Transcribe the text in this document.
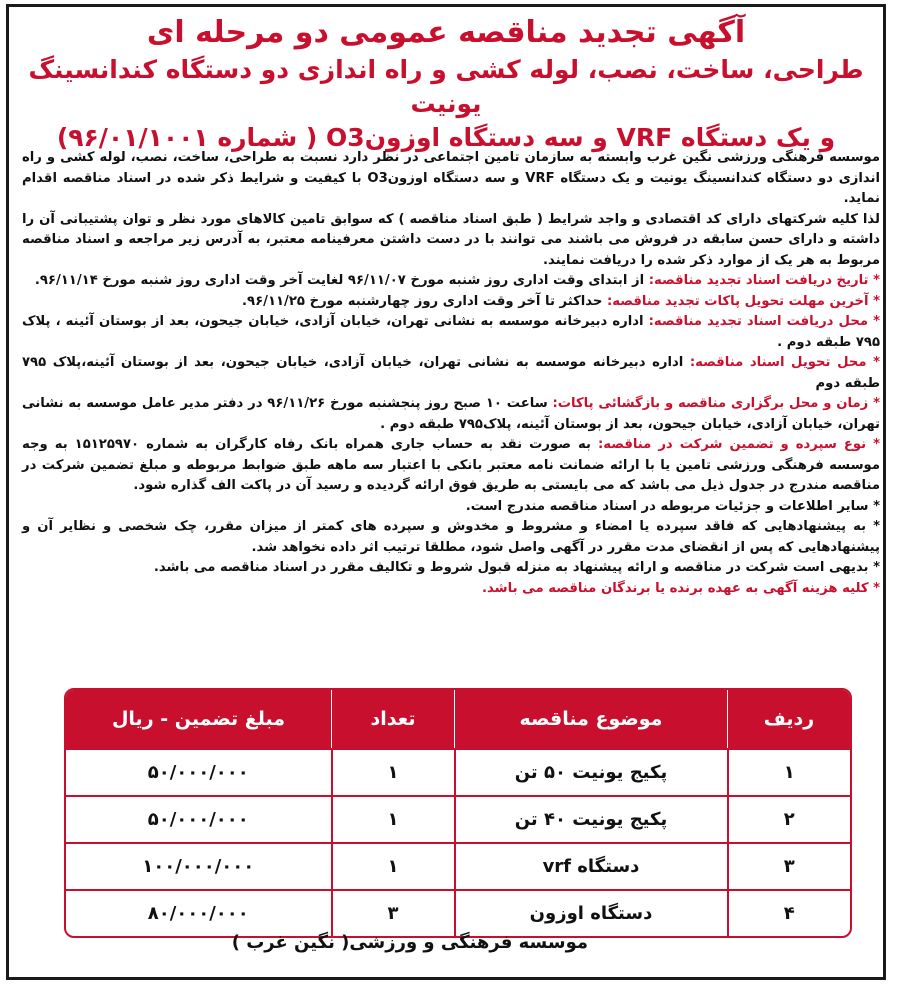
آگهی تجدید مناقصه عمومی دو مرحله ای
طراحی، ساخت، نصب، لوله کشی و راه اندازی دو دستگاه کندانسینگ یونیت
و یک دستگاه VRF و سه دستگاه اوزونO3 ( شماره ۹۶/۰۱/۱۰۰۱)

موسسه فرهنگی ورزشی نگین غرب وابسته به سازمان تامین اجتماعی در نظر دارد نسبت به طراحی، ساخت، نصب، لوله کشی و راه اندازی دو دستگاه کندانسینگ یونیت و یک دستگاه VRF و سه دستگاه اوزونO3 با کیفیت و شرایط ذکر شده در اسناد مناقصه اقدام نماید.

لذا کلیه شرکتهای دارای کد اقتصادی و واجد شرایط ( طبق اسناد مناقصه ) که سوابق تامین کالاهای مورد نظر و توان پشتیبانی آن را داشته و دارای حسن سابقه در فروش می باشند می توانند با در دست داشتن معرفینامه معتبر، به آدرس زیر مراجعه و اسناد مناقصه مربوط به هر یک از موارد ذکر شده را دریافت نمایند.

* تاریخ دریافت اسناد تجدید مناقصه: از ابتدای وقت اداری روز شنبه مورخ ۹۶/۱۱/۰۷ لغایت آخر وقت اداری روز شنبه مورخ ۹۶/۱۱/۱۴.

* آخرین مهلت تحویل پاکات تجدید مناقصه: حداکثر تا آخر وقت اداری روز چهارشنبه مورخ ۹۶/۱۱/۲۵.

* محل دریافت اسناد تجدید مناقصه: اداره دبیرخانه موسسه به نشانی تهران، خیابان آزادی، خیابان جیحون، بعد از بوستان آئینه ، پلاک ۷۹۵ طبقه دوم .

* محل تحویل اسناد مناقصه: اداره دبیرخانه موسسه به نشانی تهران، خیابان آزادی، خیابان جیحون، بعد از بوستان آئینه،پلاک ۷۹۵ طبقه دوم

* زمان و محل برگزاری مناقصه و بازگشائی پاکات: ساعت ۱۰ صبح روز پنجشنبه مورخ ۹۶/۱۱/۲۶ در دفتر مدیر عامل موسسه به نشانی تهران، خیابان آزادی، خیابان جیحون، بعد از بوستان آئینه، پلاک۷۹۵ طبقه دوم .

* نوع سپرده و تضمین شرکت در مناقصه: به صورت نقد به حساب جاری همراه بانک رفاه کارگران به شماره ۱۵۱۲۵۹۷۰ به وجه موسسه فرهنگی ورزشی تامین یا با ارائه ضمانت نامه معتبر بانکی با اعتبار سه ماهه طبق ضوابط مربوطه و مبلغ تضمین شرکت در مناقصه مندرج در جدول ذیل می باشد که می بایستی به طریق فوق ارائه گردیده و رسید آن در پاکت الف گذاره شود.

* سایر اطلاعات و جزئیات مربوطه در اسناد مناقصه مندرج است.

* به پیشنهادهایی که فاقد سپرده یا امضاء و مشروط و مخدوش و سپرده های کمتر از میزان مقرر، چک شخصی و نظایر آن و پیشنهادهایی که پس از انقضای مدت مقرر در آگهی واصل شود، مطلقا ترتیب اثر داده نخواهد شد.

* بدیهی است شرکت در مناقصه و ارائه پیشنهاد به منزله قبول شروط و تکالیف مقرر در اسناد مناقصه می باشد.

* کلیه هزینه آگهی به عهده برنده یا برندگان مناقصه می باشد.

ردیف	موضوع مناقصه	تعداد	مبلغ تضمین - ریال
۱	پکیج یونیت ۵۰ تن	۱	۵۰/۰۰۰/۰۰۰
۲	پکیج یونیت ۴۰ تن	۱	۵۰/۰۰۰/۰۰۰
۳	دستگاه vrf	۱	۱۰۰/۰۰۰/۰۰۰
۴	دستگاه اوزون	۳	۸۰/۰۰۰/۰۰۰
موسسه فرهنگی و ورزشی( نگین غرب )
